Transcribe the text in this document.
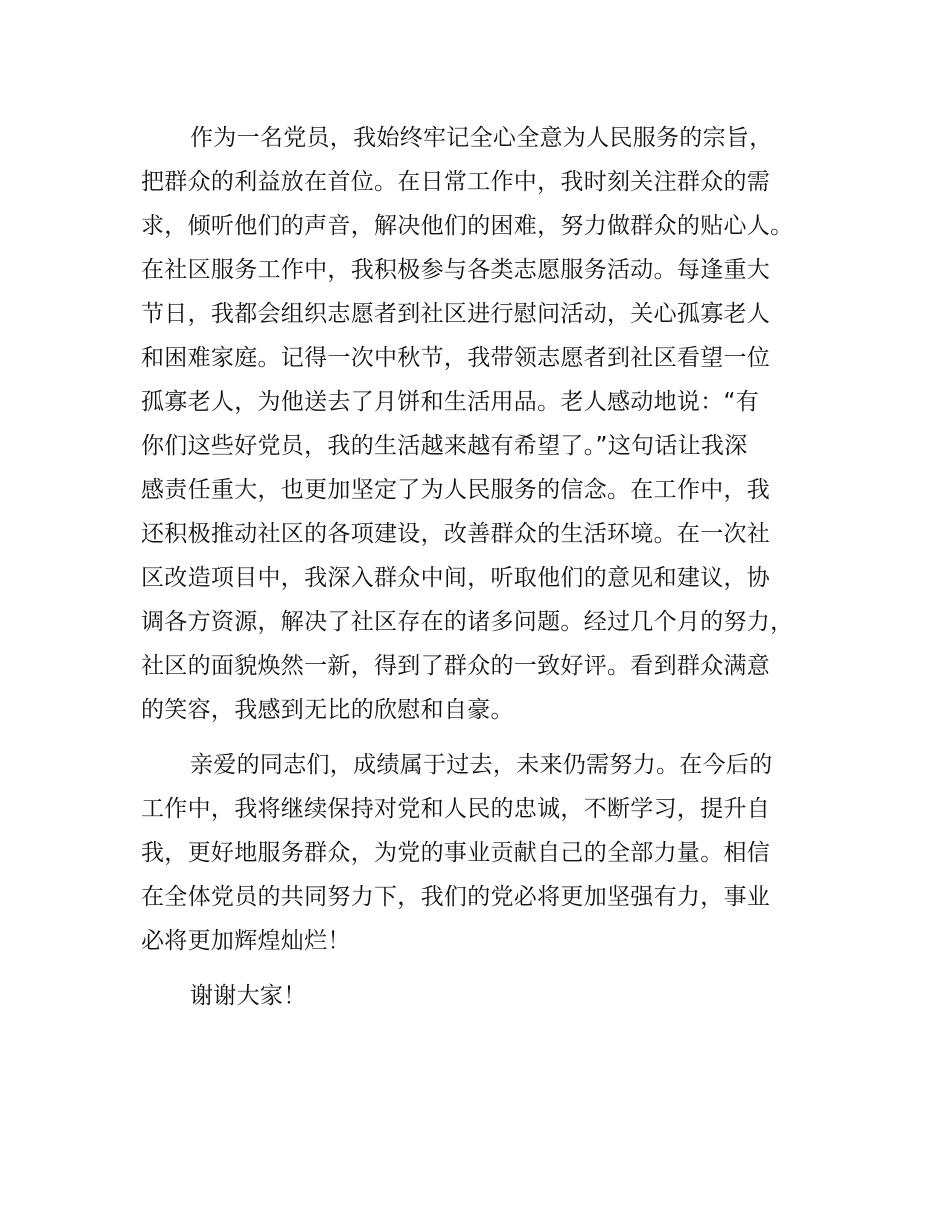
作为一名党员，我始终牢记全心全意为人民服务的宗旨，
把群众的利益放在首位。在日常工作中，我时刻关注群众的需
求，倾听他们的声音，解决他们的困难，努力做群众的贴心人。
在社区服务工作中，我积极参与各类志愿服务活动。每逢重大
节日，我都会组织志愿者到社区进行慰问活动，关心孤寡老人
和困难家庭。记得一次中秋节，我带领志愿者到社区看望一位
孤寡老人，为他送去了月饼和生活用品。老人感动地说：“有
你们这些好党员，我的生活越来越有希望了。”这句话让我深
感责任重大，也更加坚定了为人民服务的信念。在工作中，我
还积极推动社区的各项建设，改善群众的生活环境。在一次社
区改造项目中，我深入群众中间，听取他们的意见和建议，协
调各方资源，解决了社区存在的诸多问题。经过几个月的努力，
社区的面貌焕然一新，得到了群众的一致好评。看到群众满意
的笑容，我感到无比的欣慰和自豪。
亲爱的同志们，成绩属于过去，未来仍需努力。在今后的
工作中，我将继续保持对党和人民的忠诚，不断学习，提升自
我，更好地服务群众，为党的事业贡献自己的全部力量。相信
在全体党员的共同努力下，我们的党必将更加坚强有力，事业
必将更加辉煌灿烂！
谢谢大家！
